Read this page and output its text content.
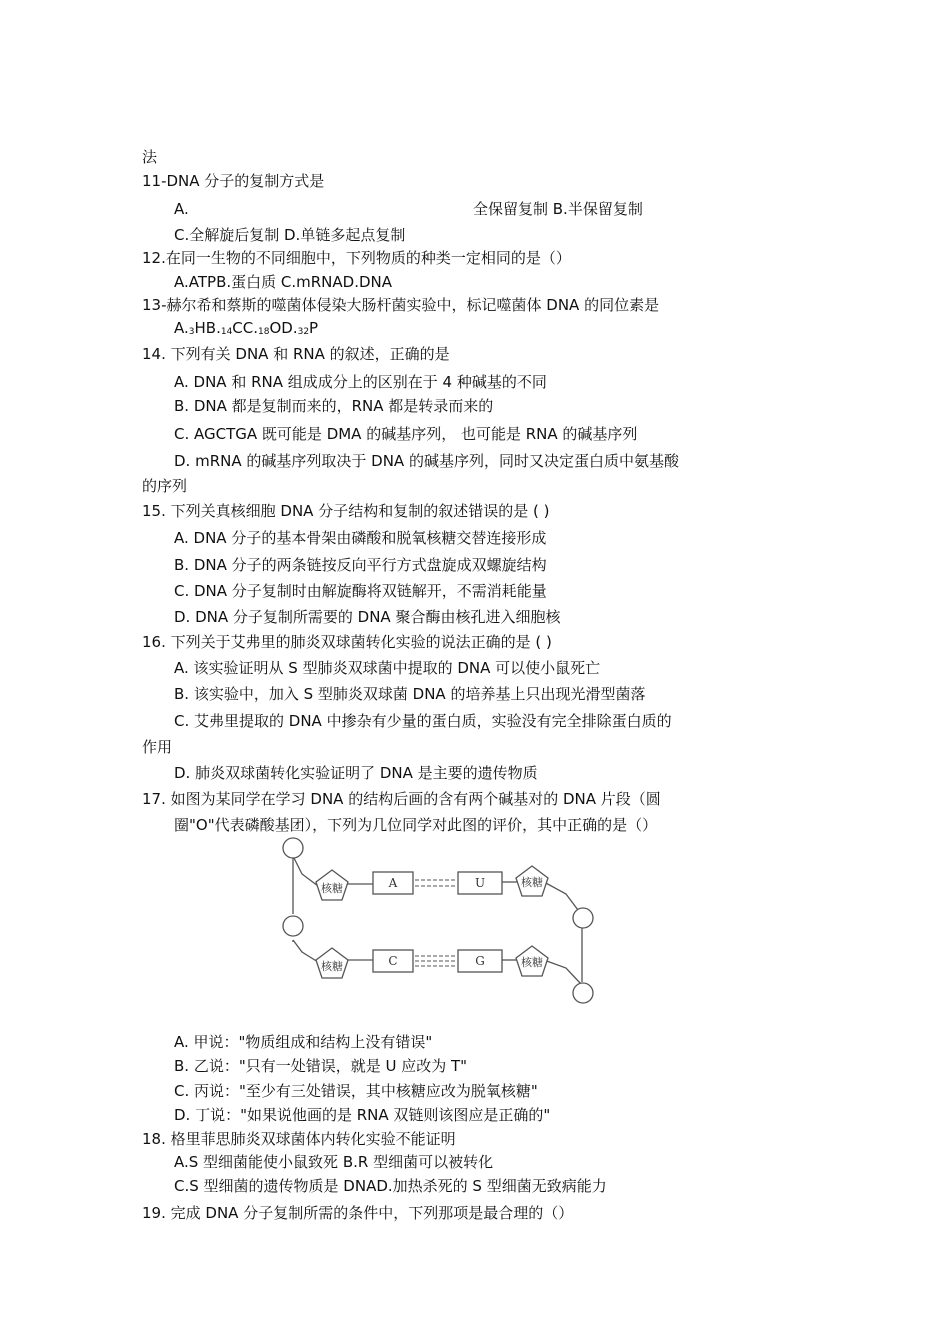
法
11-DNA 分子的复制方式是
A.	全保留复制 B.半保留复制
C.全解旋后复制 D.单链多起点复制
12.在同一生物的不同细胞中，下列物质的种类一定相同的是（）
A.ATPB.蛋白质 C.mRNAD.DNA
13-赫尔希和蔡斯的噬菌体侵染大肠杆菌实验中，标记噬菌体 DNA 的同位素是
A.3HB.14CC.18OD.32P
14. 下列有关 DNA 和 RNA 的叙述，正确的是
A. DNA 和 RNA 组成成分上的区别在于 4 种碱基的不同
B. DNA 都是复制而来的，RNA 都是转录而来的
C. AGCTGA 既可能是 DMA 的碱基序列， 也可能是 RNA 的碱基序列
D. mRNA 的碱基序列取决于 DNA 的碱基序列，同时又决定蛋白质中氨基酸
的序列
15. 下列关真核细胞 DNA 分子结构和复制的叙述错误的是 ( )
A. DNA 分子的基本骨架由磷酸和脱氧核糖交替连接形成
B. DNA 分子的两条链按反向平行方式盘旋成双螺旋结构
C. DNA 分子复制时由解旋酶将双链解开，不需消耗能量
D. DNA 分子复制所需要的 DNA 聚合酶由核孔进入细胞核
16. 下列关于艾弗里的肺炎双球菌转化实验的说法正确的是 ( )
A. 该实验证明从 S 型肺炎双球菌中提取的 DNA 可以使小鼠死亡
B. 该实验中，加入 S 型肺炎双球菌 DNA 的培养基上只出现光滑型菌落
C. 艾弗里提取的 DNA 中掺杂有少量的蛋白质，实验没有完全排除蛋白质的
作用
D. 肺炎双球菌转化实验证明了 DNA 是主要的遗传物质
17. 如图为某同学在学习 DNA 的结构后画的含有两个碱基对的 DNA 片段（圆
圈"O"代表磷酸基团），下列为几位同学对此图的评价，其中正确的是（）
核糖
核糖
核糖
核糖
A	U
C	G
A. 甲说："物质组成和结构上没有错误"
B. 乙说："只有一处错误，就是 U 应改为 T"
C. 丙说："至少有三处错误，其中核糖应改为脱氧核糖"
D. 丁说："如果说他画的是 RNA 双链则该图应是正确的"
18. 格里菲思肺炎双球菌体内转化实验不能证明
A.S 型细菌能使小鼠致死 B.R 型细菌可以被转化
C.S 型细菌的遗传物质是 DNAD.加热杀死的 S 型细菌无致病能力
19. 完成 DNA 分子复制所需的条件中，下列那项是最合理的（）
